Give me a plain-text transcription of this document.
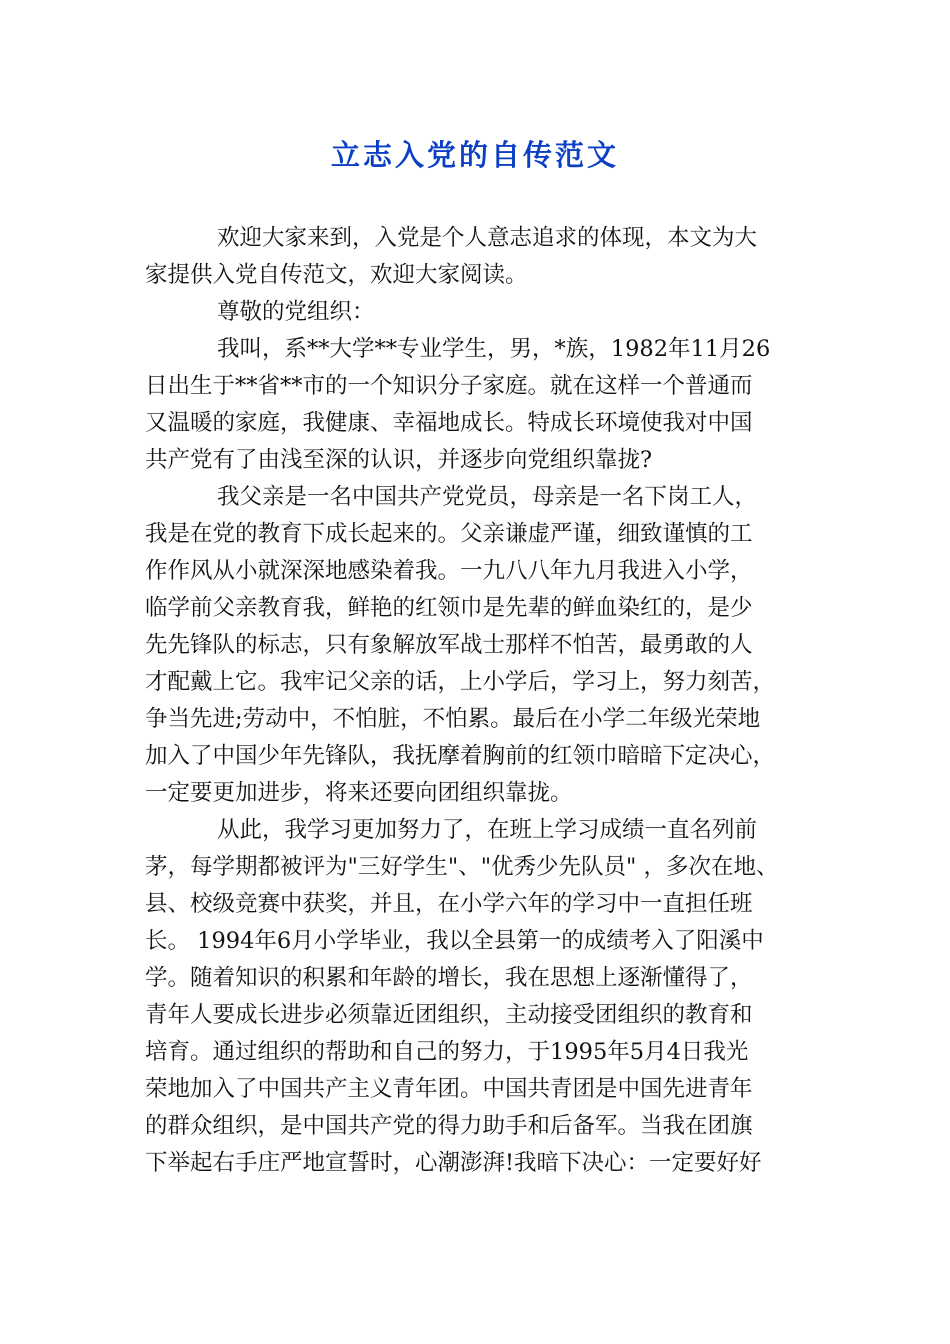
立志入党的自传范文
欢迎大家来到，入党是个人意志追求的体现，本文为大
家提供入党自传范文，欢迎大家阅读。
尊敬的党组织：
我叫，系**大学**专业学生，男，*族，1982年11月26
日出生于**省**市的一个知识分子家庭。就在这样一个普通而
又温暖的家庭，我健康、幸福地成长。特成长环境使我对中国
共产党有了由浅至深的认识，并逐步向党组织靠拢?
我父亲是一名中国共产党党员，母亲是一名下岗工人，
我是在党的教育下成长起来的。父亲谦虚严谨，细致谨慎的工
作作风从小就深深地感染着我。一九八八年九月我进入小学，
临学前父亲教育我，鲜艳的红领巾是先辈的鲜血染红的，是少
先先锋队的标志，只有象解放军战士那样不怕苦，最勇敢的人
才配戴上它。我牢记父亲的话，上小学后，学习上，努力刻苦，
争当先进;劳动中，不怕脏，不怕累。最后在小学二年级光荣地
加入了中国少年先锋队，我抚摩着胸前的红领巾暗暗下定决心，
一定要更加进步，将来还要向团组织靠拢。
从此，我学习更加努力了，在班上学习成绩一直名列前
茅，每学期都被评为"三好学生"、"优秀少先队员" ，多次在地、
县、校级竞赛中获奖，并且，在小学六年的学习中一直担任班
长。 1994年6月小学毕业，我以全县第一的成绩考入了阳溪中
学。随着知识的积累和年龄的增长，我在思想上逐渐懂得了，
青年人要成长进步必须靠近团组织，主动接受团组织的教育和
培育。通过组织的帮助和自己的努力，于1995年5月4日我光
荣地加入了中国共产主义青年团。中国共青团是中国先进青年
的群众组织，是中国共产党的得力助手和后备军。当我在团旗
下举起右手庄严地宣誓时，心潮澎湃!我暗下决心：一定要好好
